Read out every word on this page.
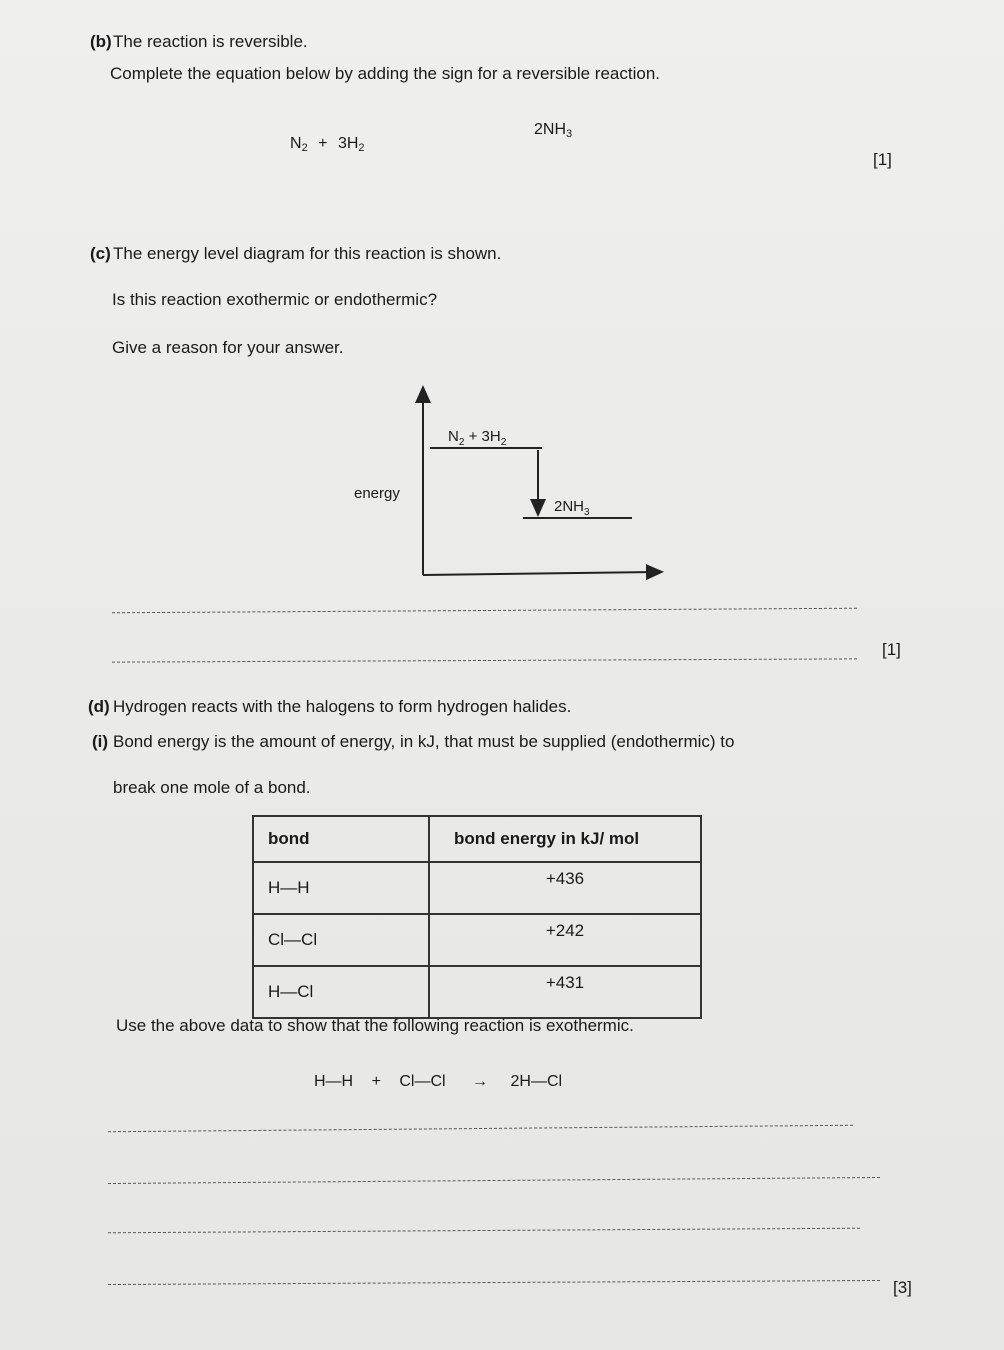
(b) The reaction is reversible.
Complete the equation below by adding the sign for a reversible reaction.
$N_2 + 3H_2$
$2NH_3$
[1]
(c) The energy level diagram for this reaction is shown.
Is this reaction exothermic or endothermic?
Give a reason for your answer.
$N_2 + 3H_2$
energy
$2NH_3$
[1]
(d) Hydrogen reacts with the halogens to form hydrogen halides.
(i) Bond energy is the amount of energy, in kJ, that must be supplied (endothermic) to
break one mole of a bond.
bond	bond energy in kJ/ mol
H—H	+436
Cl—Cl	+242
H—Cl	+431
Use the above data to show that the following reaction is exothermic.
H—H + Cl—Cl → 2H—Cl
[3]
